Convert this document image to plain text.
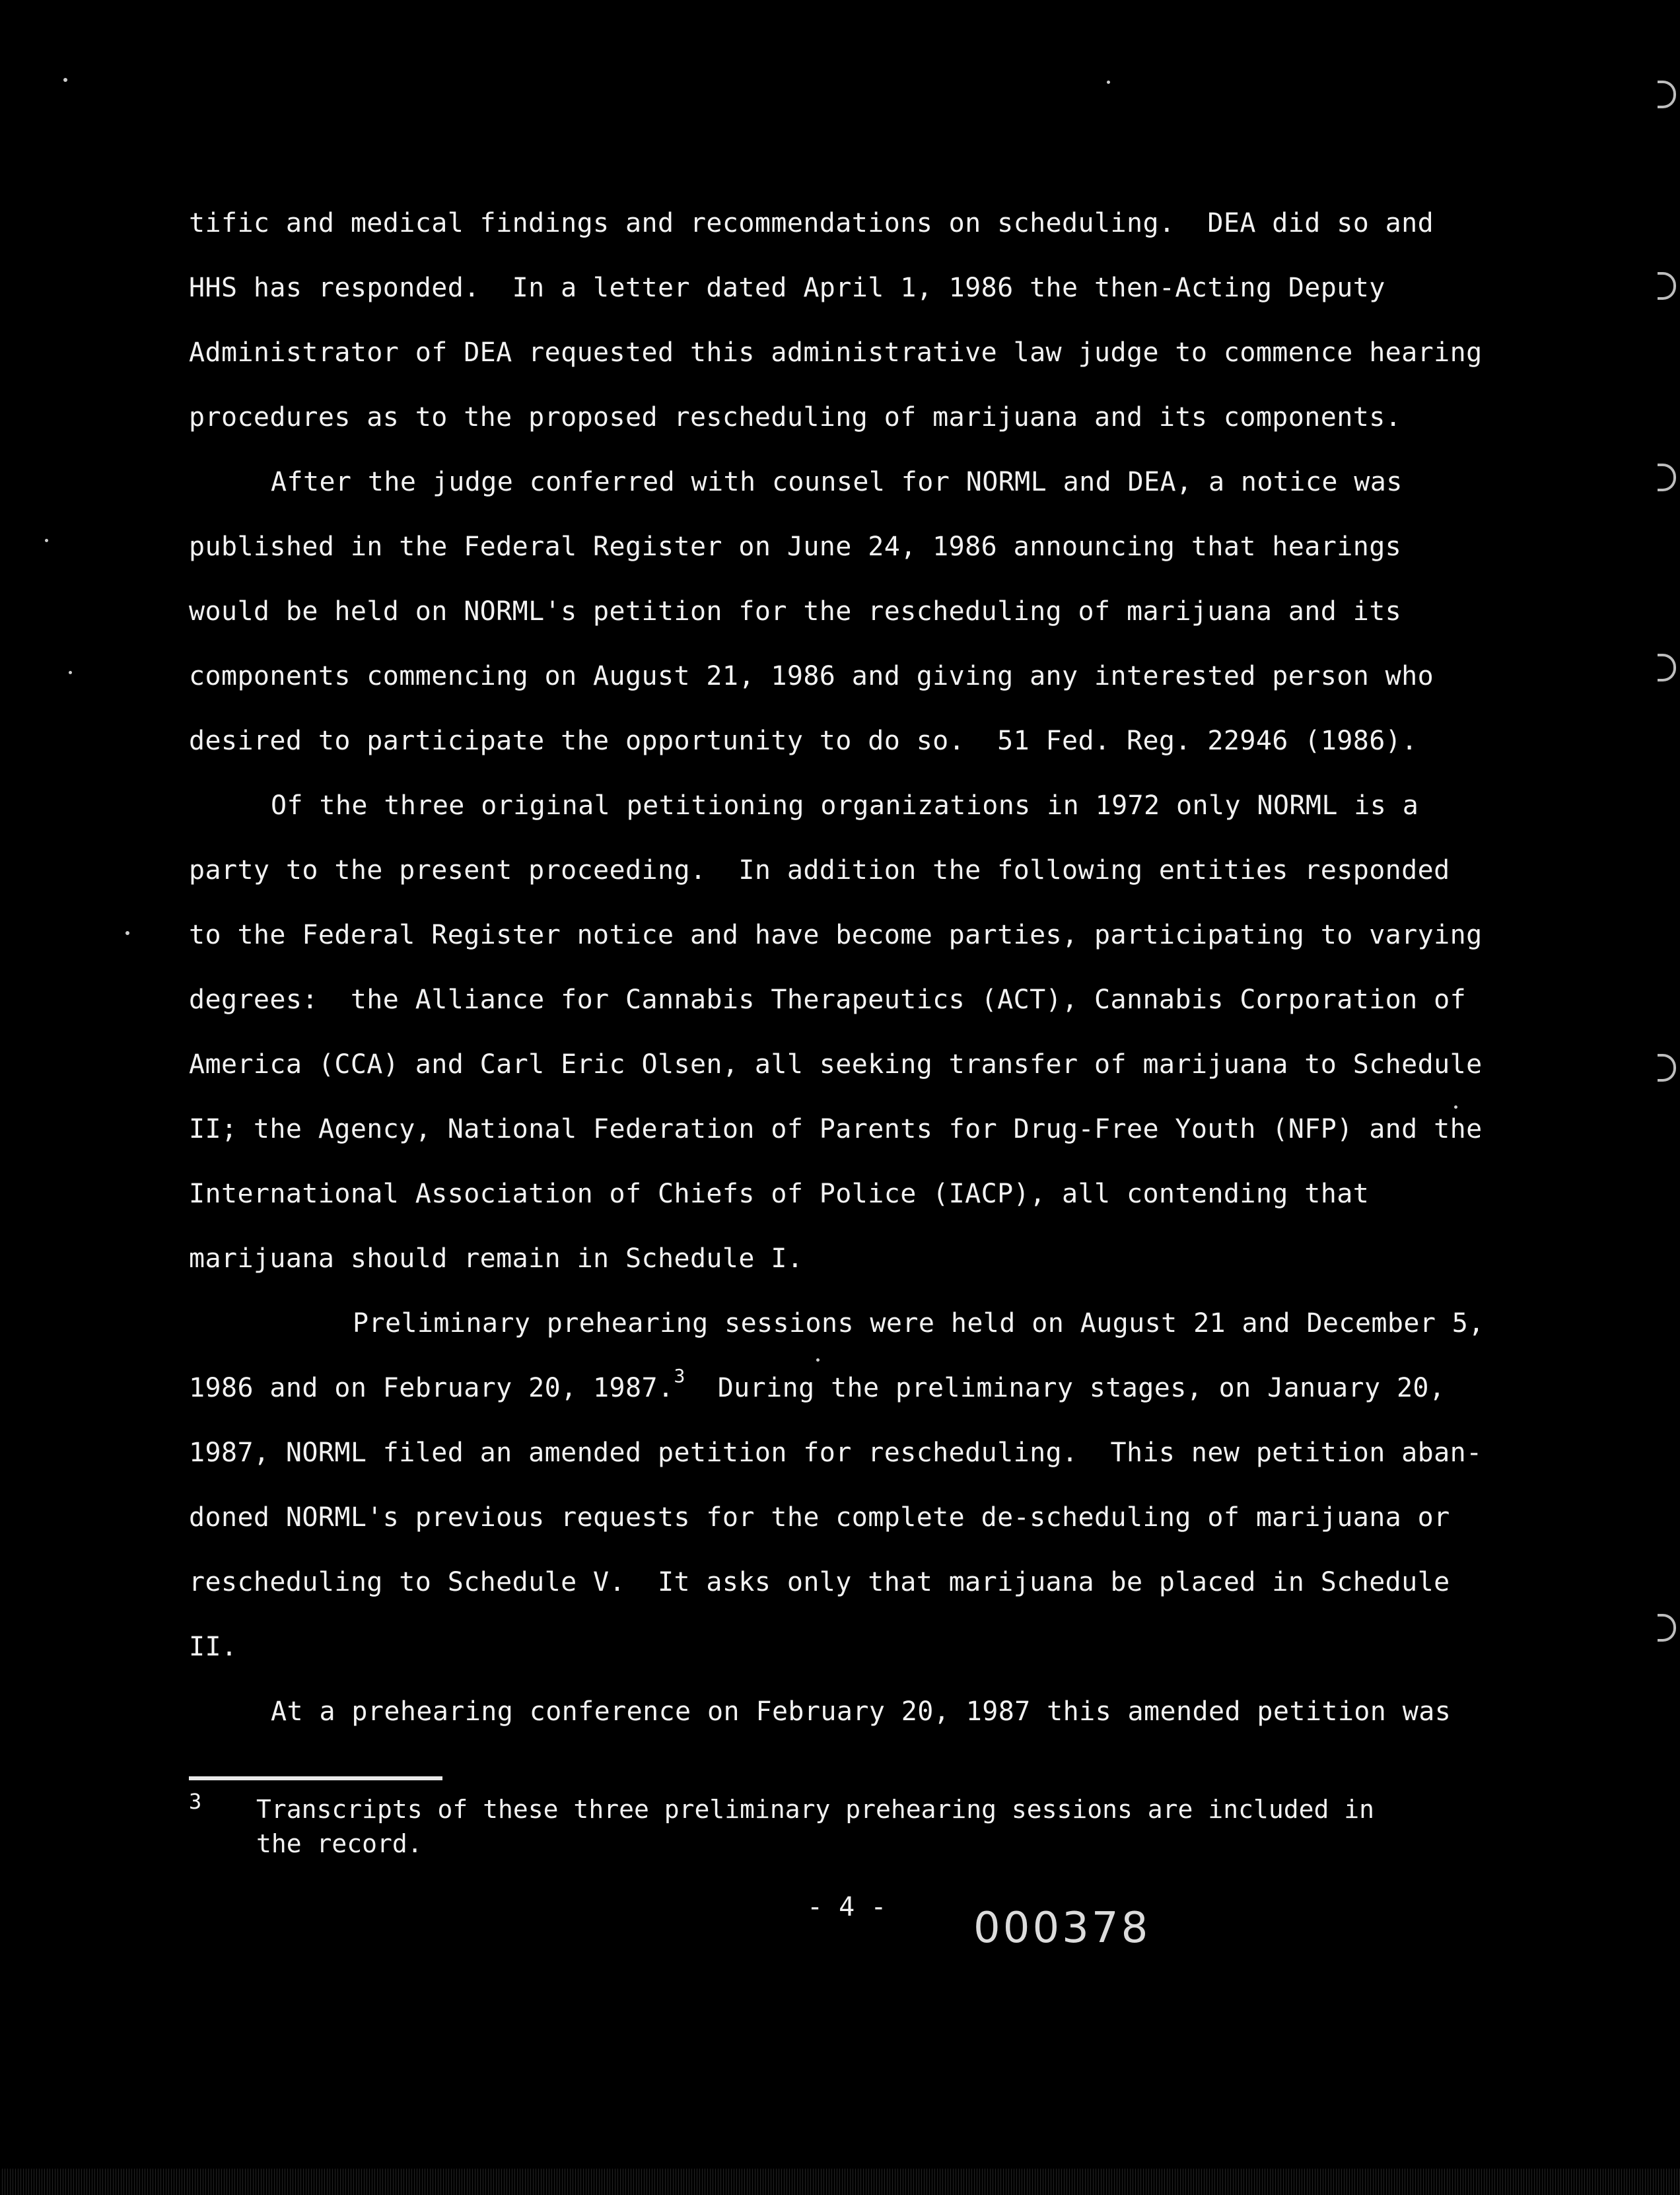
tific and medical findings and recommendations on scheduling.  DEA did so and
HHS has responded.  In a letter dated April 1, 1986 the then-Acting Deputy
Administrator of DEA requested this administrative law judge to commence hearing
procedures as to the proposed rescheduling of marijuana and its components.
After the judge conferred with counsel for NORML and DEA, a notice was
published in the Federal Register on June 24, 1986 announcing that hearings
would be held on NORML's petition for the rescheduling of marijuana and its
components commencing on August 21, 1986 and giving any interested person who
desired to participate the opportunity to do so.  51 Fed. Reg. 22946 (1986).
Of the three original petitioning organizations in 1972 only NORML is a
party to the present proceeding.  In addition the following entities responded
to the Federal Register notice and have become parties, participating to varying
degrees:  the Alliance for Cannabis Therapeutics (ACT), Cannabis Corporation of
America (CCA) and Carl Eric Olsen, all seeking transfer of marijuana to Schedule
II; the Agency, National Federation of Parents for Drug-Free Youth (NFP) and the
International Association of Chiefs of Police (IACP), all contending that
marijuana should remain in Schedule I.
Preliminary prehearing sessions were held on August 21 and December 5,
1986 and on February 20, 1987.$^3$ During the preliminary stages, on January 20,
1987, NORML filed an amended petition for rescheduling.  This new petition aban-
doned NORML's previous requests for the complete de-scheduling of marijuana or
rescheduling to Schedule V.  It asks only that marijuana be placed in Schedule
II.
At a prehearing conference on February 20, 1987 this amended petition was
3 Transcripts of these three preliminary prehearing sessions are included in
the record.
- 4 - 000378
